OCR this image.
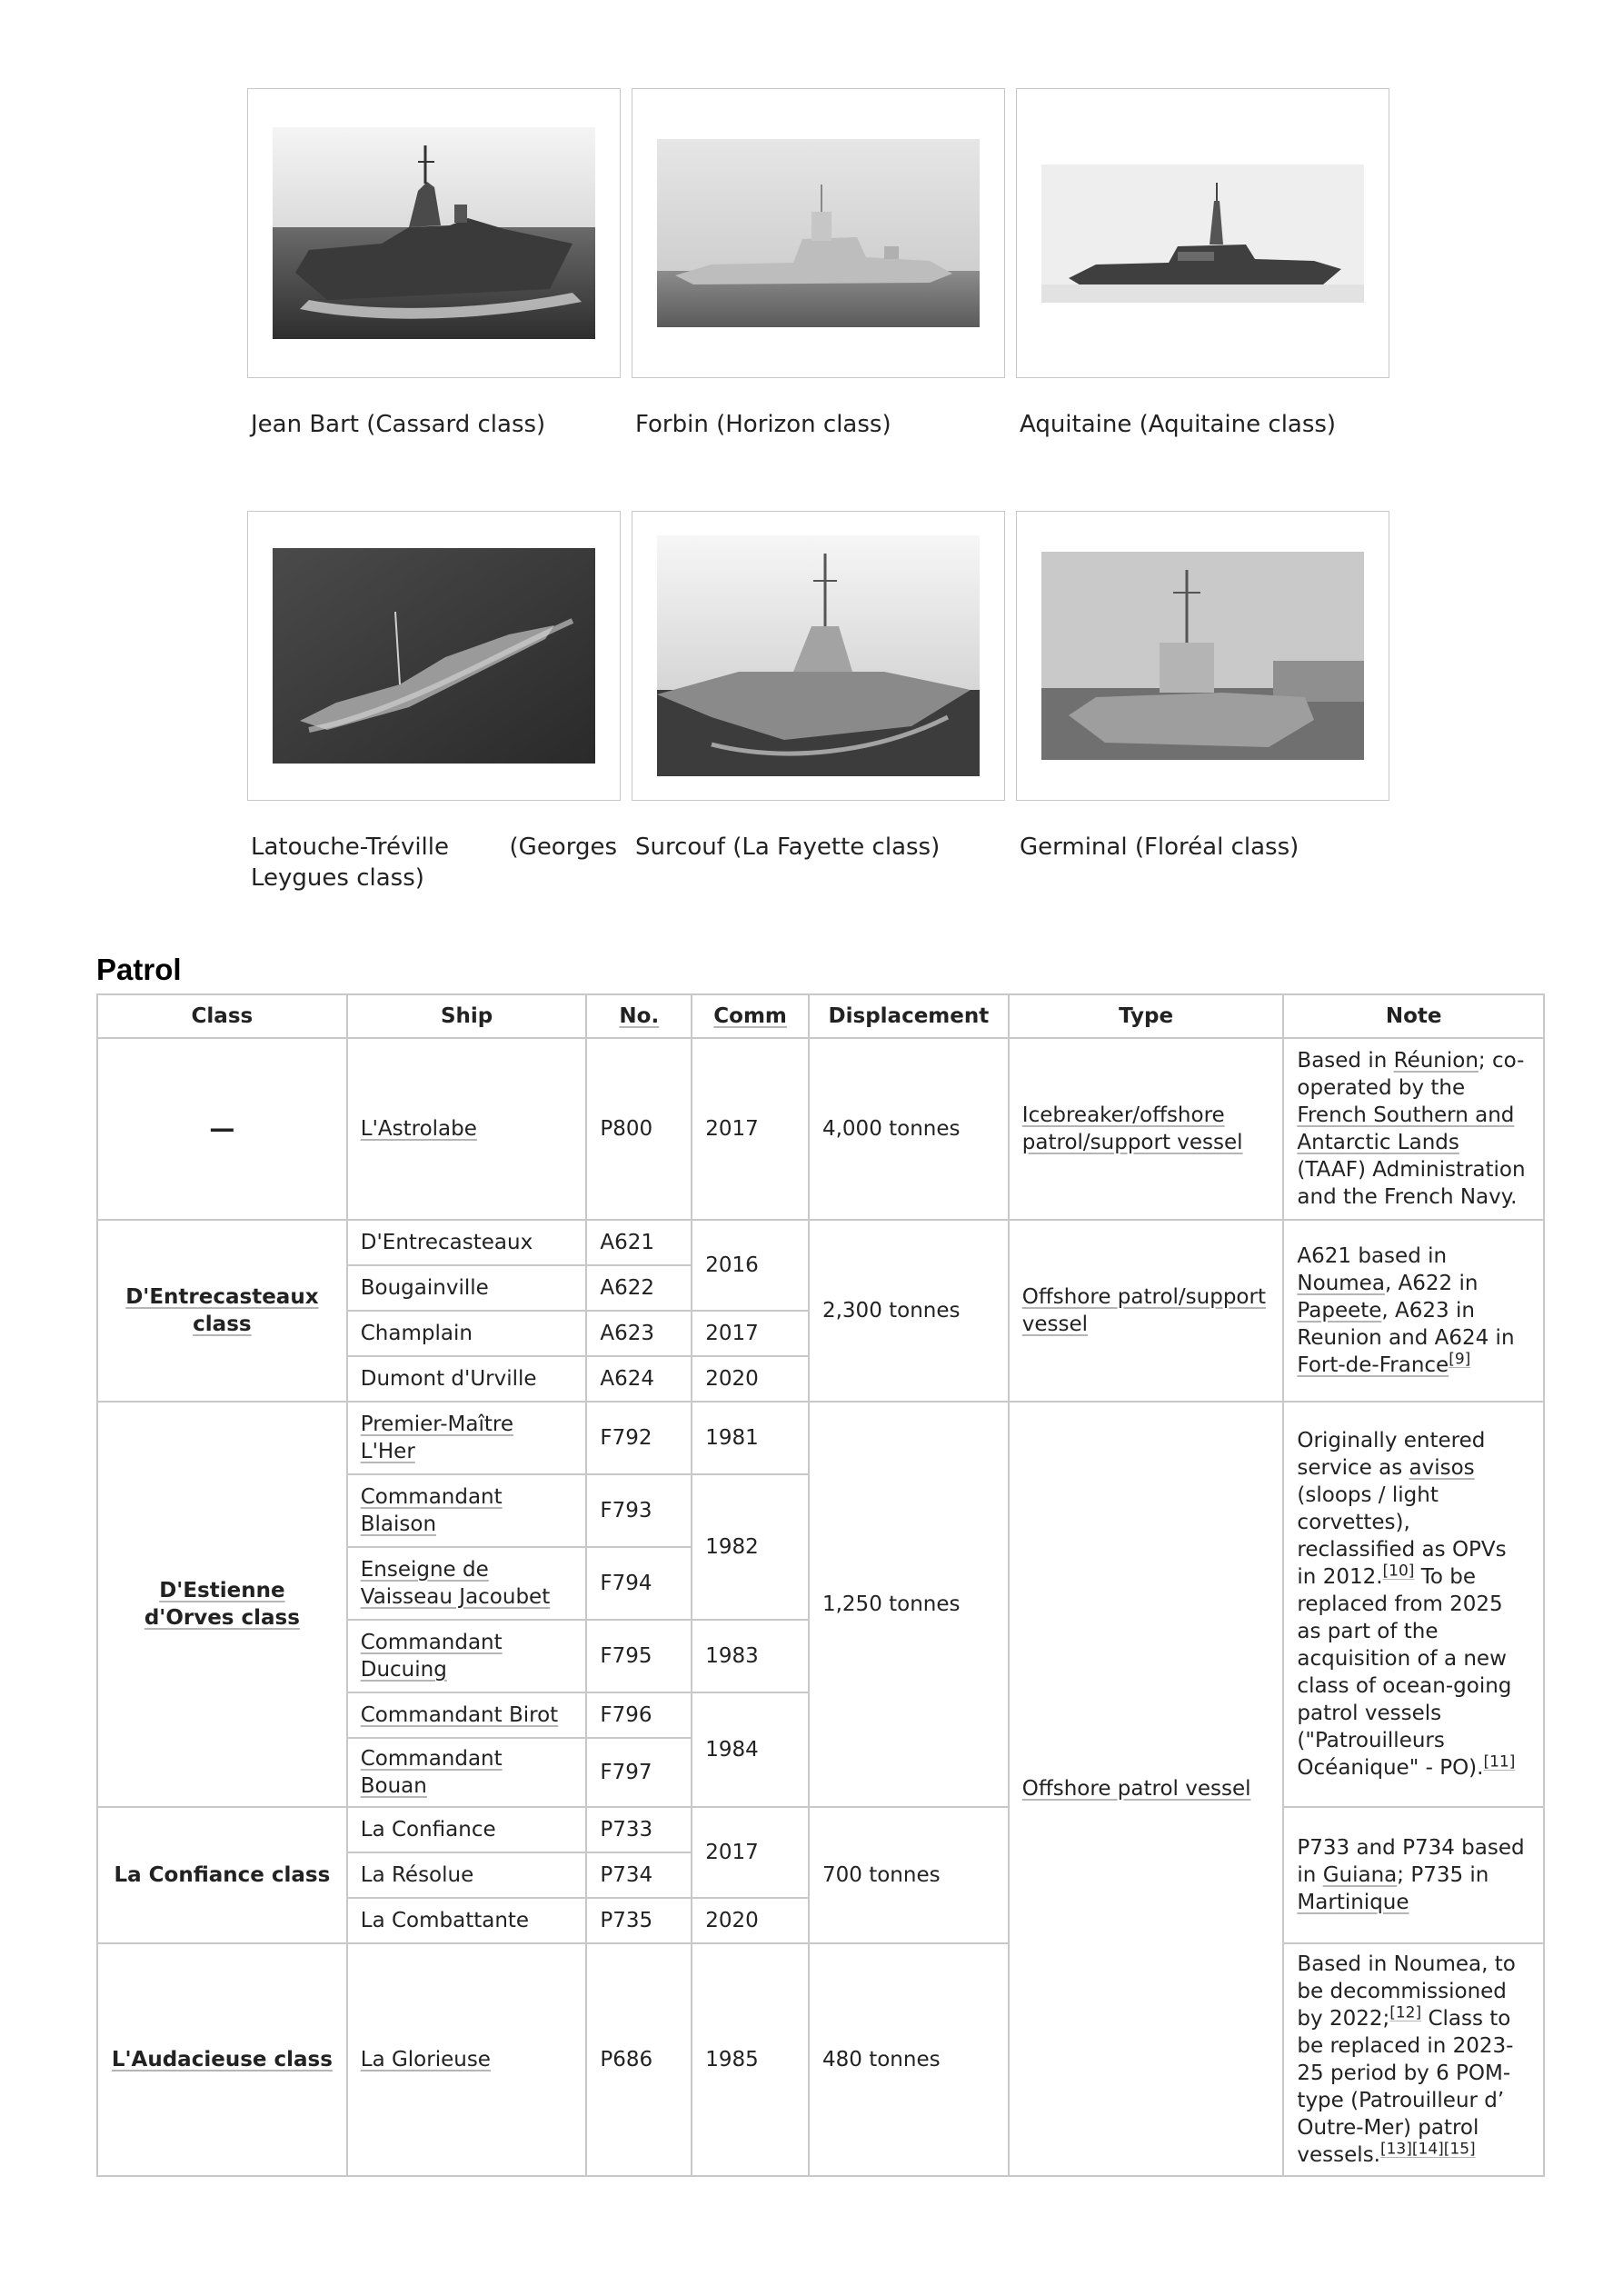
Jean Bart (Cassard class)	Forbin (Horizon class)	Aquitaine (Aquitaine class)
Latouche-Tréville (Georges Leygues class)
Surcouf (La Fayette class)	Germinal (Floréal class)
Patrol
Class	Ship	No.	Comm	Displacement	Type	Note
—	L'Astrolabe	P800	2017	4,000 tonnes	Icebreaker/offshore patrol/support vessel	Based in Réunion; co-operated by the French Southern and Antarctic Lands (TAAF) Administration and the French Navy.
D'Entrecasteaux class	D'Entrecasteaux	A621	2016	2,300 tonnes	Offshore patrol/support vessel	A621 based in Noumea, A622 in Papeete, A623 in Reunion and A624 in Fort-de-France[9]
	Bougainville	A622				
	Champlain	A623	2017			
	Dumont d'Urville	A624	2020			
D'Estienne d'Orves class	Premier-Maître L'Her	F792	1981	1,250 tonnes	Offshore patrol vessel	Originally entered service as avisos (sloops / light corvettes), reclassified as OPVs in 2012.[10] To be replaced from 2025 as part of the acquisition of a new class of ocean-going patrol vessels ("Patrouilleurs Océanique" - PO).[11]
	Commandant Blaison	F793	1982			
	Enseigne de Vaisseau Jacoubet	F794				
	Commandant Ducuing	F795	1983			
	Commandant Birot	F796	1984			
	Commandant Bouan	F797				
La Confiance class	La Confiance	P733	2017	700 tonnes		P733 and P734 based in Guiana; P735 in Martinique
	La Résolue	P734				
	La Combattante	P735	2020			
L'Audacieuse class	La Glorieuse	P686	1985	480 tonnes		Based in Noumea, to be decommissioned by 2022;[12] Class to be replaced in 2023-25 period by 6 POM-type (Patrouilleur d’ Outre-Mer) patrol vessels.[13][14][15]
